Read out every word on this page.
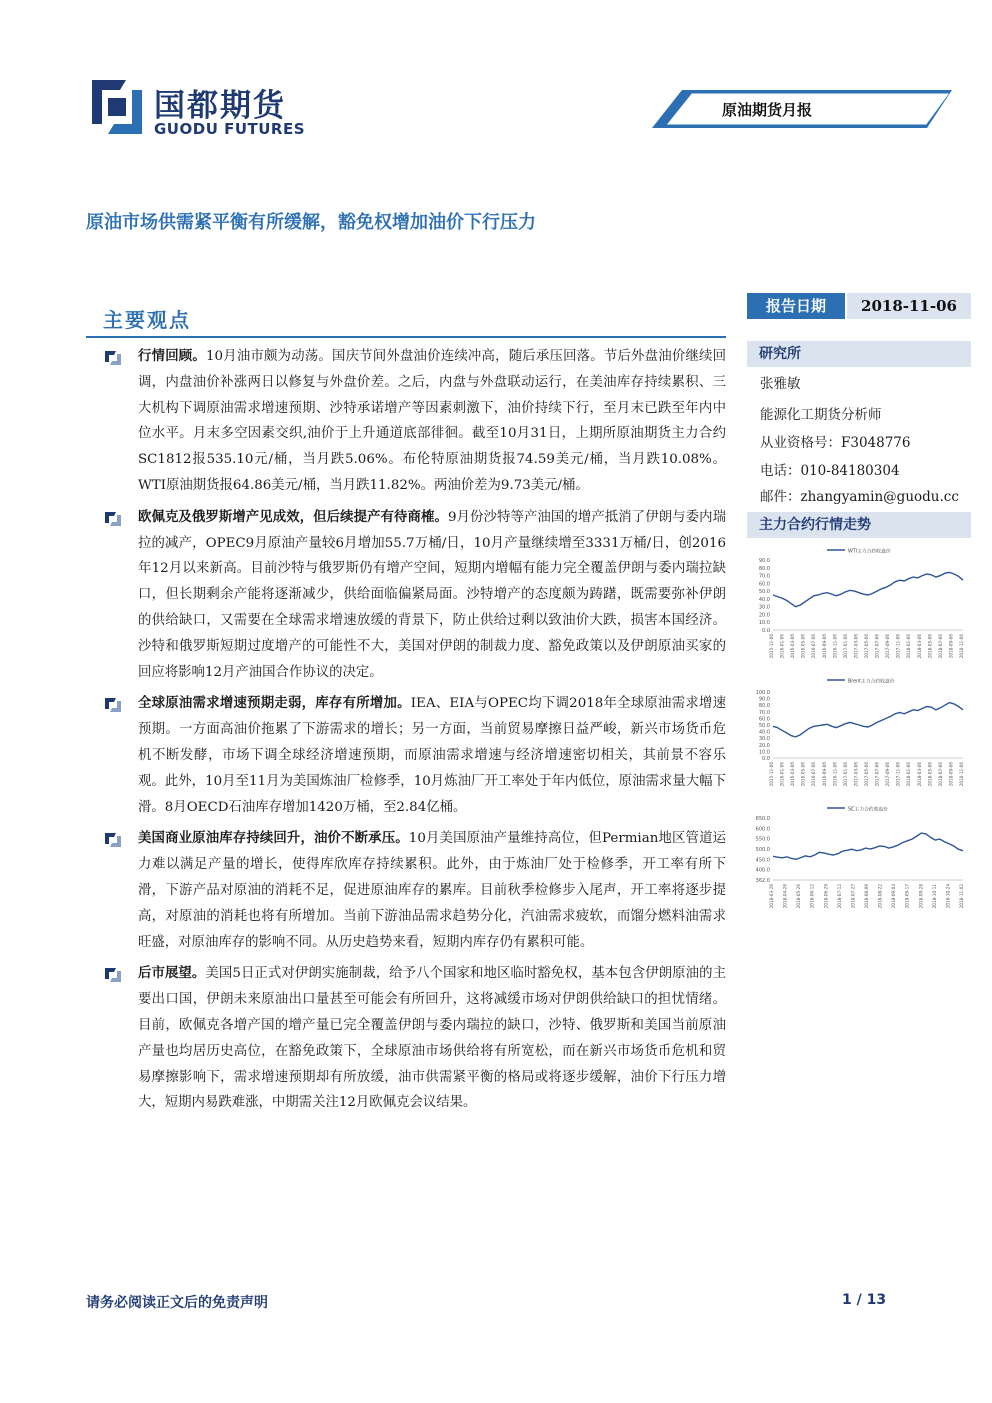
国都期货
GUODU FUTURES
原油期货月报
原油市场供需紧平衡有所缓解，豁免权增加油价下行压力
主要观点

行情回顾。10月油市颇为动荡。国庆节间外盘油价连续冲高，随后承压回落。节后外盘油价继续回调，内盘油价补涨两日以修复与外盘价差。之后，内盘与外盘联动运行，在美油库存持续累积、三大机构下调原油需求增速预期、沙特承诺增产等因素刺激下，油价持续下行，至月末已跌至年内中位水平。月末多空因素交织,油价于上升通道底部徘徊。截至10月31日，上期所原油期货主力合约SC1812报535.10元/桶，当月跌5.06%。布伦特原油期货报74.59美元/桶，当月跌10.08%。WTI原油期货报64.86美元/桶，当月跌11.82%。两油价差为9.73美元/桶。

欧佩克及俄罗斯增产见成效，但后续提产有待商榷。9月份沙特等产油国的增产抵消了伊朗与委内瑞拉的减产，OPEC9月原油产量较6月增加55.7万桶/日，10月产量继续增至3331万桶/日，创2016年12月以来新高。目前沙特与俄罗斯仍有增产空间，短期内增幅有能力完全覆盖伊朗与委内瑞拉缺口，但长期剩余产能将逐渐减少，供给面临偏紧局面。沙特增产的态度颇为踌躇，既需要弥补伊朗的供给缺口，又需要在全球需求增速放缓的背景下，防止供给过剩以致油价大跌，损害本国经济。沙特和俄罗斯短期过度增产的可能性不大，美国对伊朗的制裁力度、豁免政策以及伊朗原油买家的回应将影响12月产油国合作协议的决定。

全球原油需求增速预期走弱，库存有所增加。IEA、EIA与OPEC均下调2018年全球原油需求增速预期。一方面高油价拖累了下游需求的增长；另一方面，当前贸易摩擦日益严峻，新兴市场货币危机不断发酵，市场下调全球经济增速预期，而原油需求增速与经济增速密切相关，其前景不容乐观。此外，10月至11月为美国炼油厂检修季，10月炼油厂开工率处于年内低位，原油需求量大幅下滑。8月OECD石油库存增加1420万桶，至2.84亿桶。

美国商业原油库存持续回升，油价不断承压。10月美国原油产量维持高位，但Permian地区管道运力难以满足产量的增长，使得库欣库存持续累积。此外，由于炼油厂处于检修季，开工率有所下滑，下游产品对原油的消耗不足，促进原油库存的累库。目前秋季检修步入尾声，开工率将逐步提高，对原油的消耗也将有所增加。当前下游油品需求趋势分化，汽油需求疲软，而馏分燃料油需求旺盛，对原油库存的影响不同。从历史趋势来看，短期内库存仍有累积可能。

后市展望。美国5日正式对伊朗实施制裁，给予八个国家和地区临时豁免权，基本包含伊朗原油的主要出口国，伊朗未来原油出口量甚至可能会有所回升，这将减缓市场对伊朗供给缺口的担忧情绪。目前，欧佩克各增产国的增产量已完全覆盖伊朗与委内瑞拉的缺口，沙特、俄罗斯和美国当前原油产量也均居历史高位，在豁免政策下，全球原油市场供给将有所宽松，而在新兴市场货币危机和贸易摩擦影响下，需求增速预期却有所放缓，油市供需紧平衡的格局或将逐步缓解，油价下行压力增大，短期内易跌难涨，中期需关注12月欧佩克会议结果。

报告日期	2018-11-06
研究所
张雅敏
能源化工期货分析师
从业资格号：F3048776
电话：010-84180304
邮件：zhangyamin@guodu.cc
主力合约行情走势
WTI主力合约收盘价
90.0
80.0
70.0
60.0
50.0
40.0
30.0
20.0
10.0
0.0
2015-11-06 2016-01-06 2016-03-06 2016-05-06 2016-07-06 2016-09-06 2016-11-06 2017-01-06 2017-03-06 2017-05-06 2017-07-06 2017-09-06 2017-11-06 2018-01-06 2018-03-06 2018-05-06 2018-07-06 2018-09-06 2018-11-06
Brent主力合约收盘价
100.0
90.0
80.0
70.0
60.0
50.0
40.0
30.0
20.0
10.0
0.0
2015-11-06 2016-01-06 2016-03-06 2016-05-06 2016-07-06 2016-09-06 2016-11-06 2017-01-06 2017-03-06 2017-05-06 2017-07-06 2017-09-06 2017-11-06 2018-01-06 2018-03-06 2018-05-06 2018-07-06 2018-09-06 2018-11-06
SC主力合约收盘价
650.0
600.0
550.0
500.0
450.0
400.0
362.0
2018-03-26 2018-04-26 2018-05-26 2018-06-12 2018-06-29 2018-07-12 2018-07-27 2018-08-09 2018-08-22 2018-09-04 2018-09-17 2018-09-28 2018-10-11 2018-10-24 2018-11-02
请务必阅读正文后的免责声明	1 / 13
